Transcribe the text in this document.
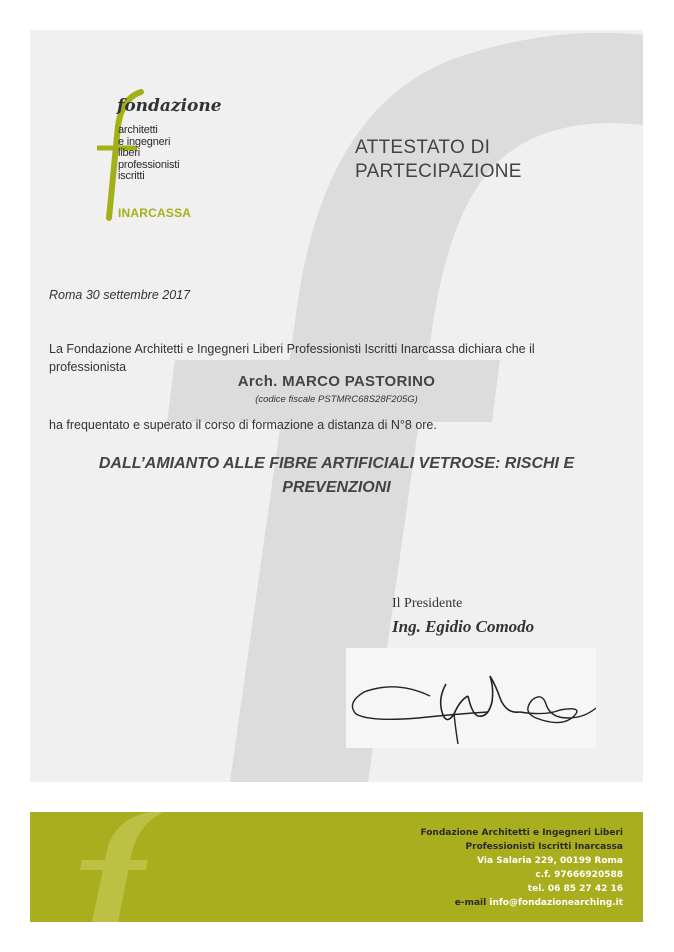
fondazione
architetti
e ingegneri
liberi
professionisti
iscritti
INARCASSA
ATTESTATO DI
PARTECIPAZIONE
Roma 30 settembre 2017
La Fondazione Architetti e Ingegneri Liberi Professionisti Iscritti Inarcassa dichiara che il professionista
Arch. MARCO PASTORINO
(codice fiscale PSTMRC68S28F205G)
ha frequentato e superato il corso di formazione a distanza di N°8 ore.
DALL’AMIANTO ALLE FIBRE ARTIFICIALI VETROSE: RISCHI E PREVENZIONI
Il Presidente
Ing. Egidio Comodo
Fondazione Architetti e Ingegneri Liberi
Professionisti Iscritti Inarcassa
Via Salaria 229, 00199 Roma
c.f. 97666920588
tel. 06 85 27 42 16
e-mail info@fondazionearching.it
